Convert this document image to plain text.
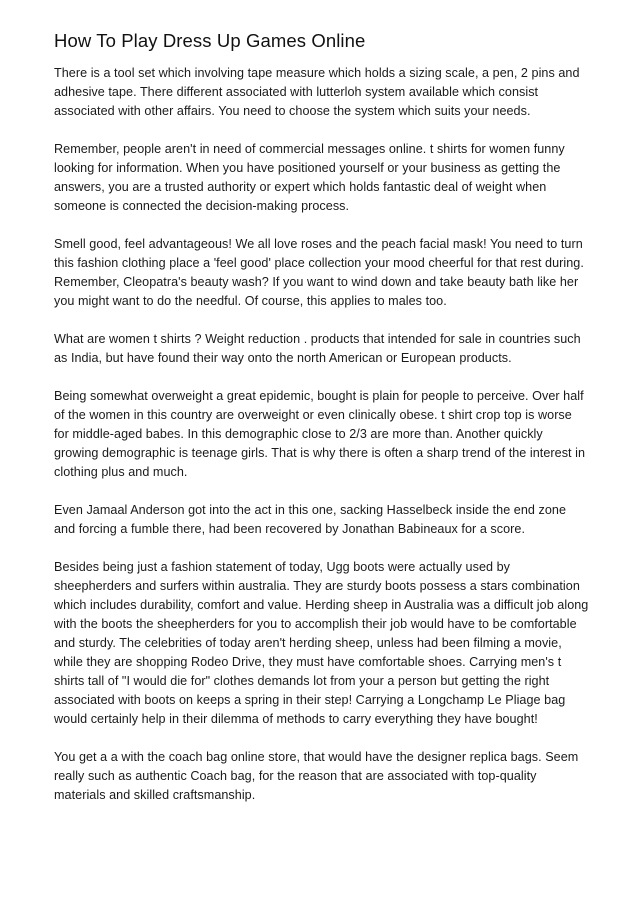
How To Play Dress Up Games Online

There is a tool set which involving tape measure which holds a sizing scale, a pen, 2 pins and adhesive tape. There different associated with lutterloh system available which consist associated with other affairs. You need to choose the system which suits your needs.

Remember, people aren't in need of commercial messages online. t shirts for women funny looking for information. When you have positioned yourself or your business as getting the answers, you are a trusted authority or expert which holds fantastic deal of weight when someone is connected the decision-making process.

Smell good, feel advantageous! We all love roses and the peach facial mask! You need to turn this fashion clothing place a 'feel good' place collection your mood cheerful for that rest during. Remember, Cleopatra's beauty wash? If you want to wind down and take beauty bath like her you might want to do the needful. Of course, this applies to males too.

What are women t shirts ? Weight reduction . products that intended for sale in countries such as India, but have found their way onto the north American or European products.

Being somewhat overweight a great epidemic, bought is plain for people to perceive. Over half of the women in this country are overweight or even clinically obese. t shirt crop top is worse for middle-aged babes. In this demographic close to 2/3 are more than. Another quickly growing demographic is teenage girls. That is why there is often a sharp trend of the interest in clothing plus and much.

Even Jamaal Anderson got into the act in this one, sacking Hasselbeck inside the end zone and forcing a fumble there, had been recovered by Jonathan Babineaux for a score.

Besides being just a fashion statement of today, Ugg boots were actually used by sheepherders and surfers within australia. They are sturdy boots possess a stars combination which includes durability, comfort and value. Herding sheep in Australia was a difficult job along with the boots the sheepherders for you to accomplish their job would have to be comfortable and sturdy. The celebrities of today aren't herding sheep, unless had been filming a movie, while they are shopping Rodeo Drive, they must have comfortable shoes. Carrying men's t shirts tall of "I would die for" clothes demands lot from your a person but getting the right associated with boots on keeps a spring in their step! Carrying a Longchamp Le Pliage bag would certainly help in their dilemma of methods to carry everything they have bought!

You get a a with the coach bag online store, that would have the designer replica bags. Seem really such as authentic Coach bag, for the reason that are associated with top-quality materials and skilled craftsmanship.
